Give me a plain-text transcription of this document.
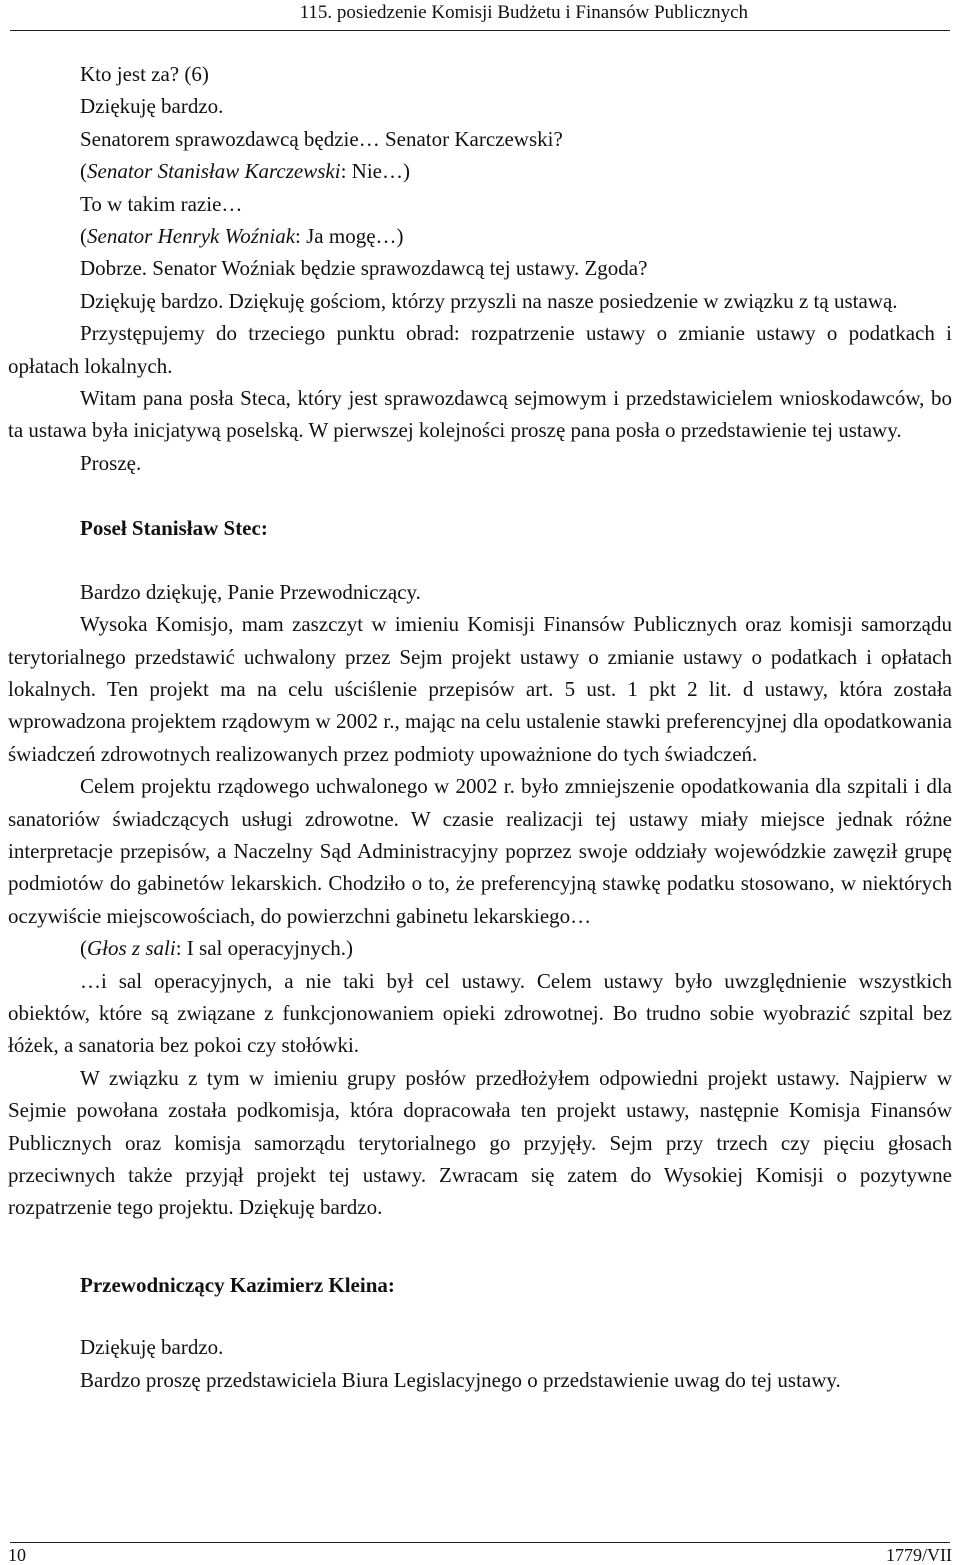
115. posiedzenie Komisji Budżetu i Finansów Publicznych

Kto jest za? (6)

Dziękuję bardzo.

Senatorem sprawozdawcą będzie… Senator Karczewski?

(Senator Stanisław Karczewski: Nie…)

To w takim razie…

(Senator Henryk Woźniak: Ja mogę…)

Dobrze. Senator Woźniak będzie sprawozdawcą tej ustawy. Zgoda?

Dziękuję bardzo. Dziękuję gościom, którzy przyszli na nasze posiedzenie w związku z tą ustawą.

Przystępujemy do trzeciego punktu obrad: rozpatrzenie ustawy o zmianie ustawy o podatkach i opłatach lokalnych.

Witam pana posła Steca, który jest sprawozdawcą sejmowym i przedstawicielem wnioskodawców, bo ta ustawa była inicjatywą poselską. W pierwszej kolejności proszę pana posła o przedstawienie tej ustawy.

Proszę.

Poseł Stanisław Stec:

Bardzo dziękuję, Panie Przewodniczący.

Wysoka Komisjo, mam zaszczyt w imieniu Komisji Finansów Publicznych oraz komisji samorządu terytorialnego przedstawić uchwalony przez Sejm projekt ustawy o zmianie ustawy o podatkach i opłatach lokalnych. Ten projekt ma na celu uściślenie przepisów art. 5 ust. 1 pkt 2 lit. d ustawy, która została wprowadzona projektem rządowym w 2002 r., mając na celu ustalenie stawki preferencyjnej dla opodatkowania świadczeń zdrowotnych realizowanych przez podmioty upoważnione do tych świadczeń.

Celem projektu rządowego uchwalonego w 2002 r. było zmniejszenie opodatkowania dla szpitali i dla sanatoriów świadczących usługi zdrowotne. W czasie realizacji tej ustawy miały miejsce jednak różne interpretacje przepisów, a Naczelny Sąd Administracyjny poprzez swoje oddziały wojewódzkie zawęził grupę podmiotów do gabinetów lekarskich. Chodziło o to, że preferencyjną stawkę podatku stosowano, w niektórych oczywiście miejscowościach, do powierzchni gabinetu lekarskiego…

(Głos z sali: I sal operacyjnych.)

…i sal operacyjnych, a nie taki był cel ustawy. Celem ustawy było uwzględnienie wszystkich obiektów, które są związane z funkcjonowaniem opieki zdrowotnej. Bo trudno sobie wyobrazić szpital bez łóżek, a sanatoria bez pokoi czy stołówki.

W związku z tym w imieniu grupy posłów przedłożyłem odpowiedni projekt ustawy. Najpierw w Sejmie powołana została podkomisja, która dopracowała ten projekt ustawy, następnie Komisja Finansów Publicznych oraz komisja samorządu terytorialnego go przyjęły. Sejm przy trzech czy pięciu głosach przeciwnych także przyjął projekt tej ustawy. Zwracam się zatem do Wysokiej Komisji o pozytywne rozpatrzenie tego projektu. Dziękuję bardzo.

Przewodniczący Kazimierz Kleina:

Dziękuję bardzo.

Bardzo proszę przedstawiciela Biura Legislacyjnego o przedstawienie uwag do tej ustawy.

10	1779/VII
